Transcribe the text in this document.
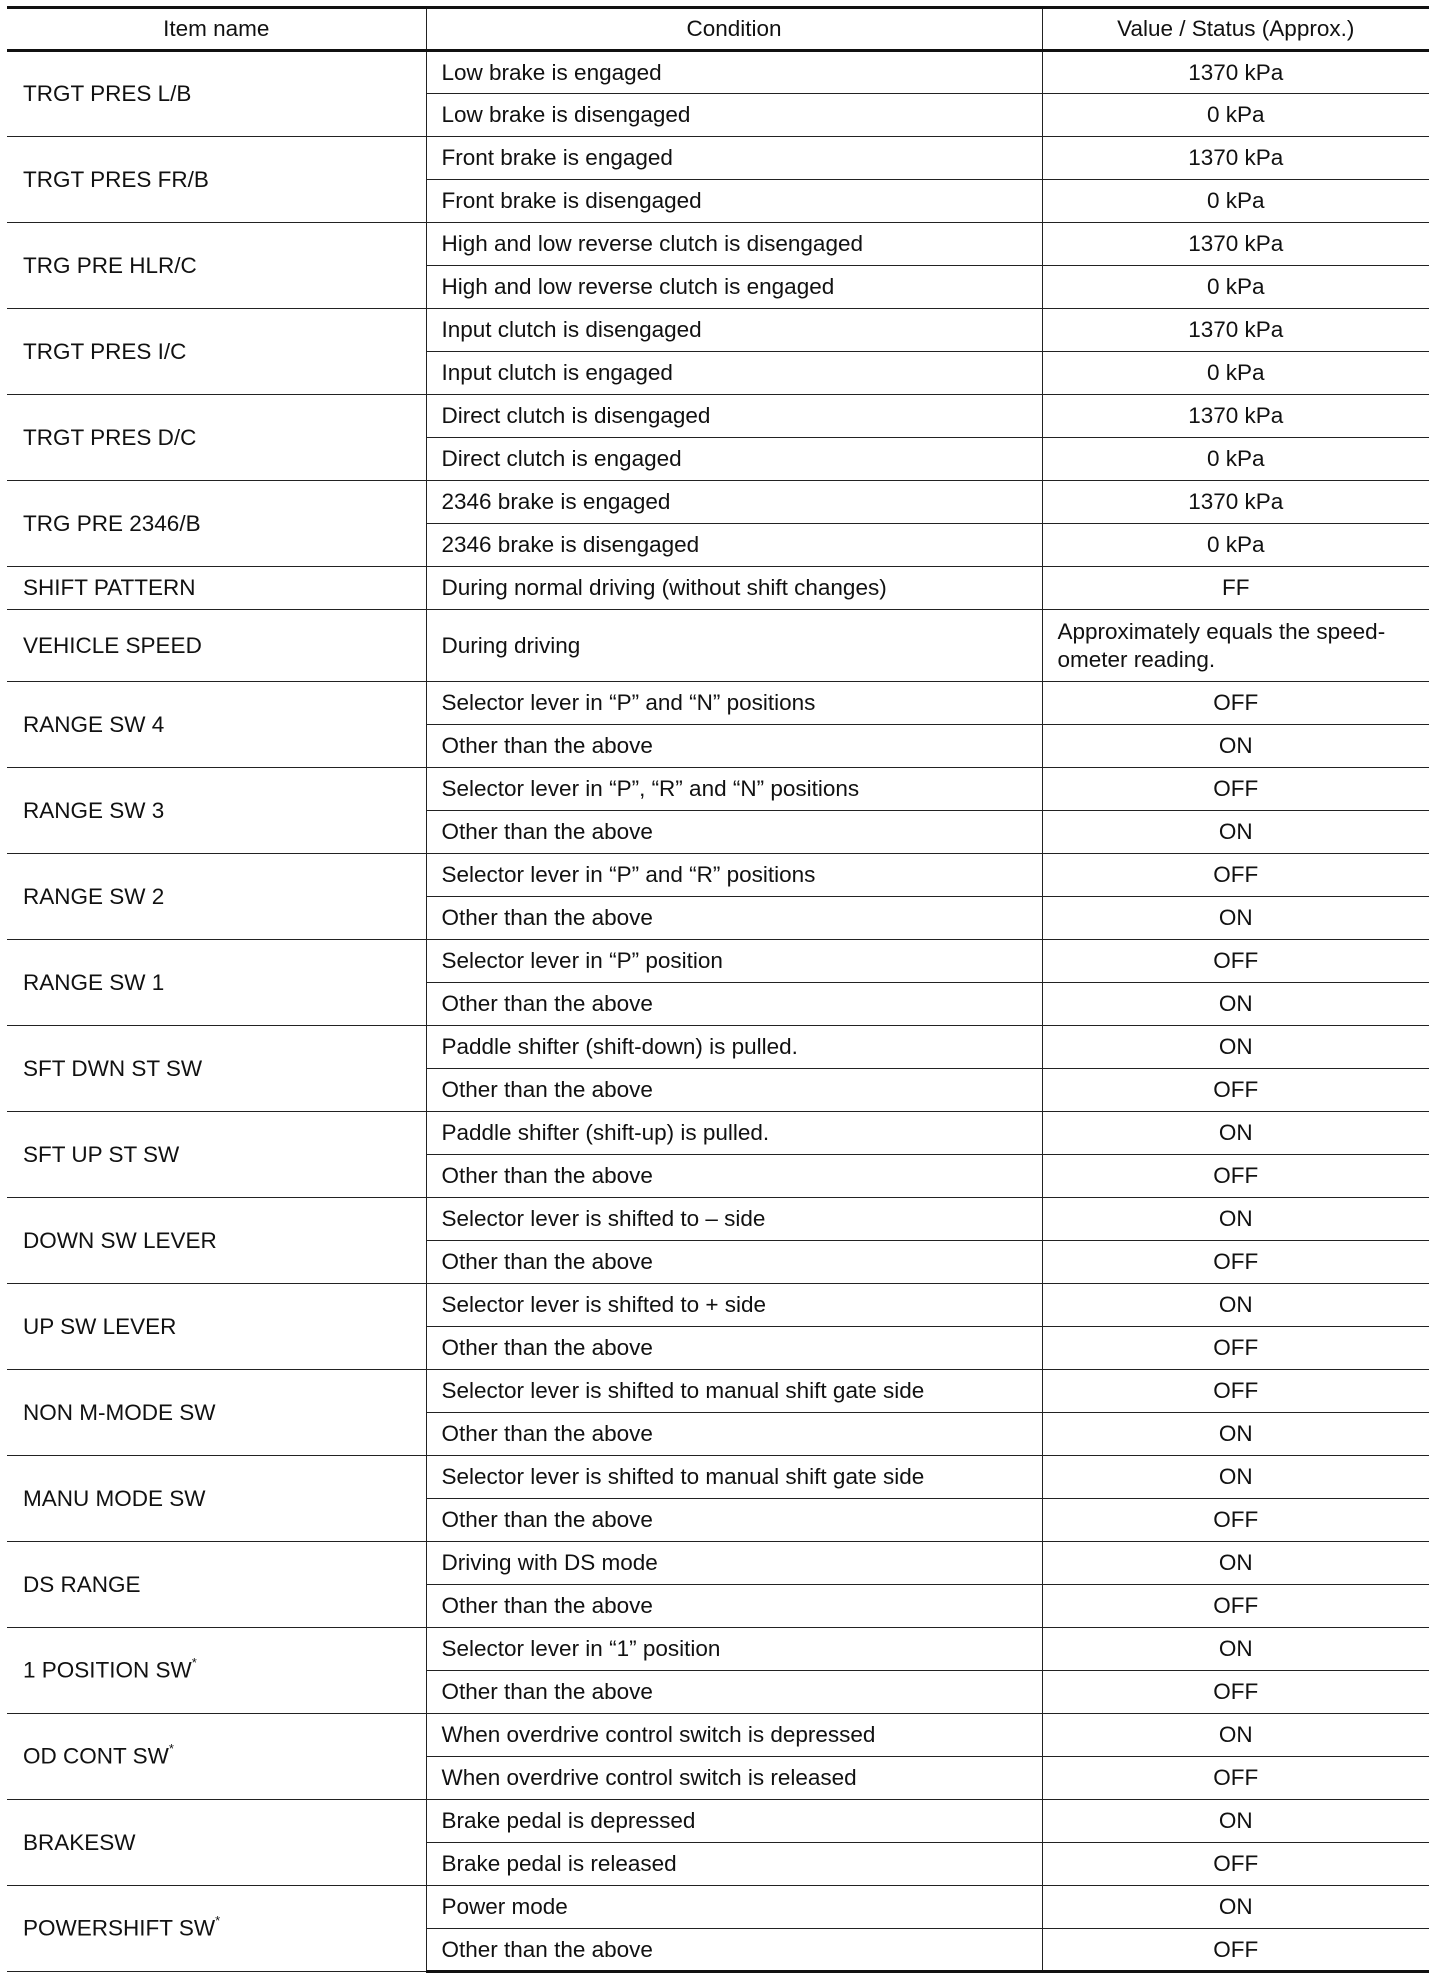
Item name	Condition	Value / Status (Approx.)
TRGT PRES L/B	Low brake is engaged	1370 kPa
	Low brake is disengaged	0 kPa
TRGT PRES FR/B	Front brake is engaged	1370 kPa
	Front brake is disengaged	0 kPa
TRG PRE HLR/C	High and low reverse clutch is disengaged	1370 kPa
	High and low reverse clutch is engaged	0 kPa
TRGT PRES I/C	Input clutch is disengaged	1370 kPa
	Input clutch is engaged	0 kPa
TRGT PRES D/C	Direct clutch is disengaged	1370 kPa
	Direct clutch is engaged	0 kPa
TRG PRE 2346/B	2346 brake is engaged	1370 kPa
	2346 brake is disengaged	0 kPa
SHIFT PATTERN	During normal driving (without shift changes)	FF
VEHICLE SPEED	During driving	Approximately equals the speed-
ometer reading.

RANGE SW 4	Selector lever in “P” and “N” positions	OFF
	Other than the above	ON
RANGE SW 3	Selector lever in “P”, “R” and “N” positions	OFF
	Other than the above	ON
RANGE SW 2	Selector lever in “P” and “R” positions	OFF
	Other than the above	ON
RANGE SW 1	Selector lever in “P” position	OFF
	Other than the above	ON
SFT DWN ST SW	Paddle shifter (shift-down) is pulled.	ON
	Other than the above	OFF
SFT UP ST SW	Paddle shifter (shift-up) is pulled.	ON
	Other than the above	OFF
DOWN SW LEVER	Selector lever is shifted to – side	ON
	Other than the above	OFF
UP SW LEVER	Selector lever is shifted to + side	ON
	Other than the above	OFF
NON M-MODE SW	Selector lever is shifted to manual shift gate side	OFF
	Other than the above	ON
MANU MODE SW	Selector lever is shifted to manual shift gate side	ON
	Other than the above	OFF
DS RANGE	Driving with DS mode	ON
	Other than the above	OFF
1 POSITION SW*	Selector lever in “1” position	ON
	Other than the above	OFF
OD CONT SW*	When overdrive control switch is depressed	ON
	When overdrive control switch is released	OFF
BRAKESW	Brake pedal is depressed	ON
	Brake pedal is released	OFF
POWERSHIFT SW*	Power mode	ON
	Other than the above	OFF
